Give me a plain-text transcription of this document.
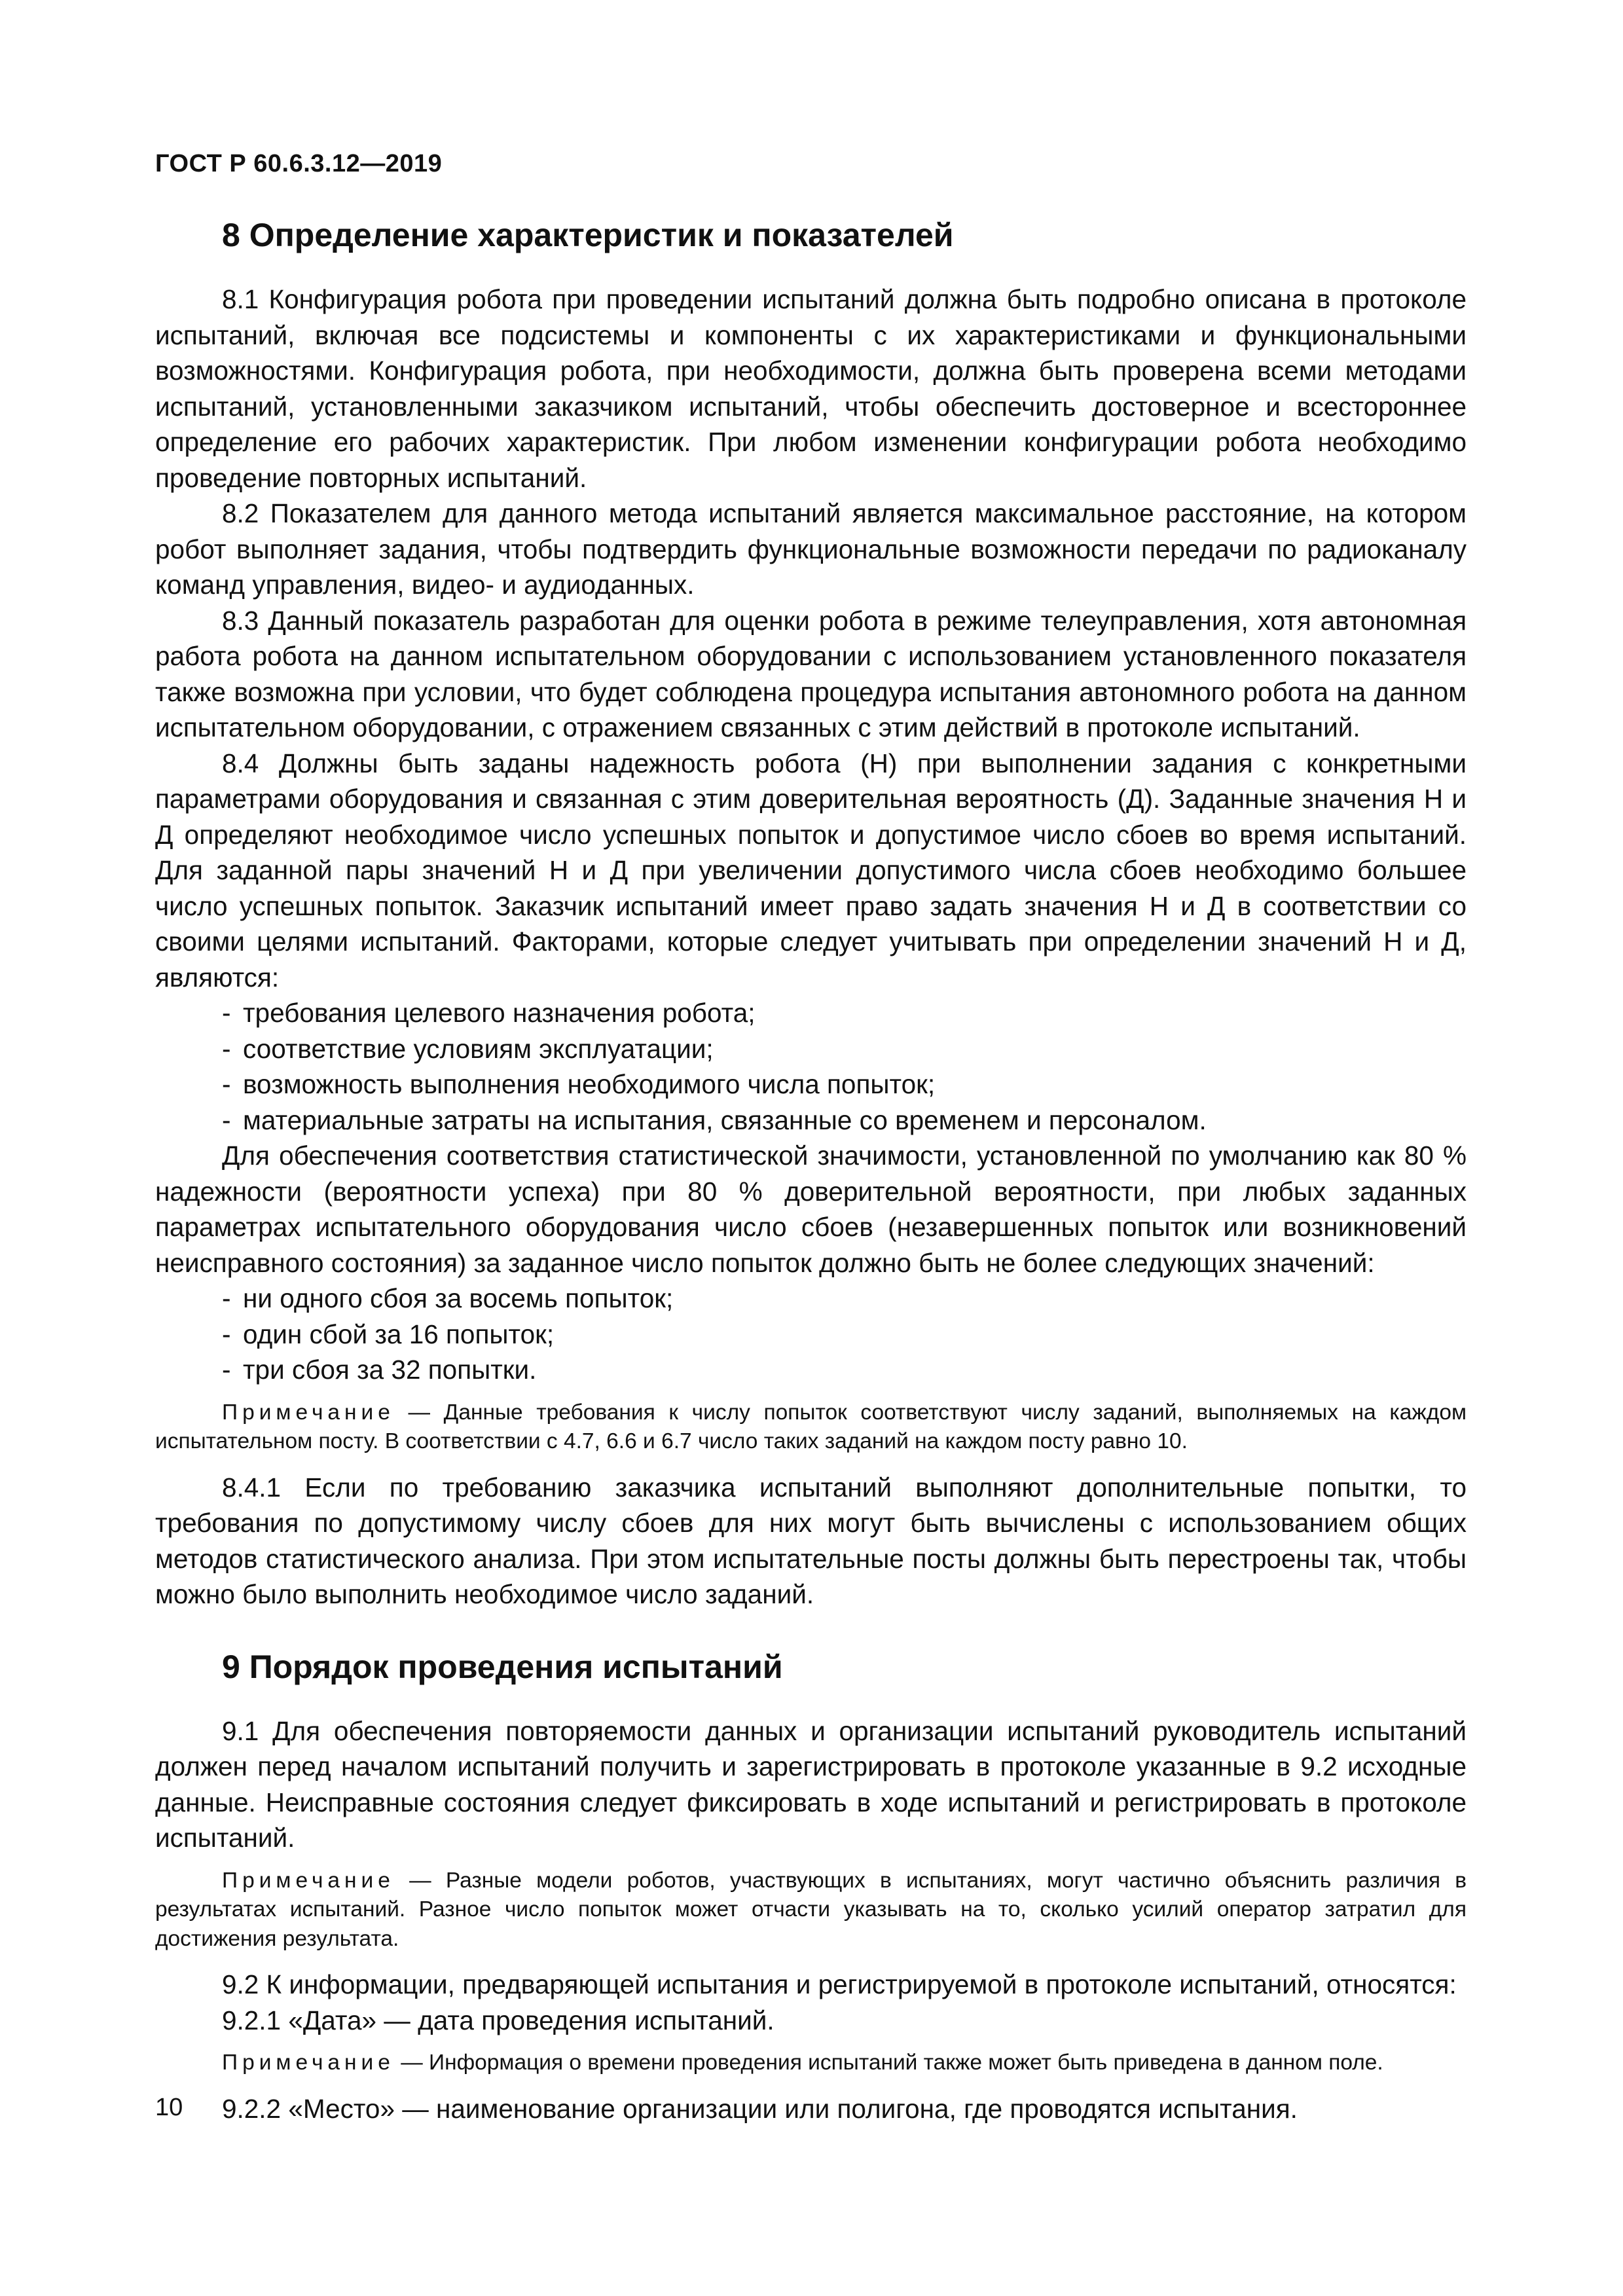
ГОСТ Р 60.6.3.12—2019
8 Определение характеристик и показателей

8.1 Конфигурация робота при проведении испытаний должна быть подробно описана в протоколе испытаний, включая все подсистемы и компоненты с их характеристиками и функциональными возможностями. Конфигурация робота, при необходимости, должна быть проверена всеми методами испытаний, установленными заказчиком испытаний, чтобы обеспечить достоверное и всестороннее определение его рабочих характеристик. При любом изменении конфигурации робота необходимо проведение повторных испытаний.

8.2 Показателем для данного метода испытаний является максимальное расстояние, на котором робот выполняет задания, чтобы подтвердить функциональные возможности передачи по радиоканалу команд управления, видео- и аудиоданных.

8.3 Данный показатель разработан для оценки робота в режиме телеуправления, хотя автономная работа робота на данном испытательном оборудовании с использованием установленного показателя также возможна при условии, что будет соблюдена процедура испытания автономного робота на данном испытательном оборудовании, с отражением связанных с этим действий в протоколе испытаний.

8.4 Должны быть заданы надежность робота (Н) при выполнении задания с конкретными параметрами оборудования и связанная с этим доверительная вероятность (Д). Заданные значения Н и Д определяют необходимое число успешных попыток и допустимое число сбоев во время испытаний. Для заданной пары значений Н и Д при увеличении допустимого числа сбоев необходимо большее число успешных попыток. Заказчик испытаний имеет право задать значения Н и Д в соответствии со своими целями испытаний. Факторами, которые следует учитывать при определении значений Н и Д, являются:

- требования целевого назначения робота;
- соответствие условиям эксплуатации;
- возможность выполнения необходимого числа попыток;
- материальные затраты на испытания, связанные со временем и персоналом.

Для обеспечения соответствия статистической значимости, установленной по умолчанию как 80 % надежности (вероятности успеха) при 80 % доверительной вероятности, при любых заданных параметрах испытательного оборудования число сбоев (незавершенных попыток или возникновений неисправного состояния) за заданное число попыток должно быть не более следующих значений:

- ни одного сбоя за восемь попыток;
- один сбой за 16 попыток;
- три сбоя за 32 попытки.

Примечание — Данные требования к числу попыток соответствуют числу заданий, выполняемых на каждом испытательном посту. В соответствии с 4.7, 6.6 и 6.7 число таких заданий на каждом посту равно 10.

8.4.1 Если по требованию заказчика испытаний выполняют дополнительные попытки, то требования по допустимому числу сбоев для них могут быть вычислены с использованием общих методов статистического анализа. При этом испытательные посты должны быть перестроены так, чтобы можно было выполнить необходимое число заданий.

9 Порядок проведения испытаний

9.1 Для обеспечения повторяемости данных и организации испытаний руководитель испытаний должен перед началом испытаний получить и зарегистрировать в протоколе указанные в 9.2 исходные данные. Неисправные состояния следует фиксировать в ходе испытаний и регистрировать в протоколе испытаний.

Примечание — Разные модели роботов, участвующих в испытаниях, могут частично объяснить различия в результатах испытаний. Разное число попыток может отчасти указывать на то, сколько усилий оператор затратил для достижения результата.

9.2 К информации, предваряющей испытания и регистрируемой в протоколе испытаний, относятся:

9.2.1 «Дата» — дата проведения испытаний.

Примечание — Информация о времени проведения испытаний также может быть приведена в данном поле.

9.2.2 «Место» — наименование организации или полигона, где проводятся испытания.

10
